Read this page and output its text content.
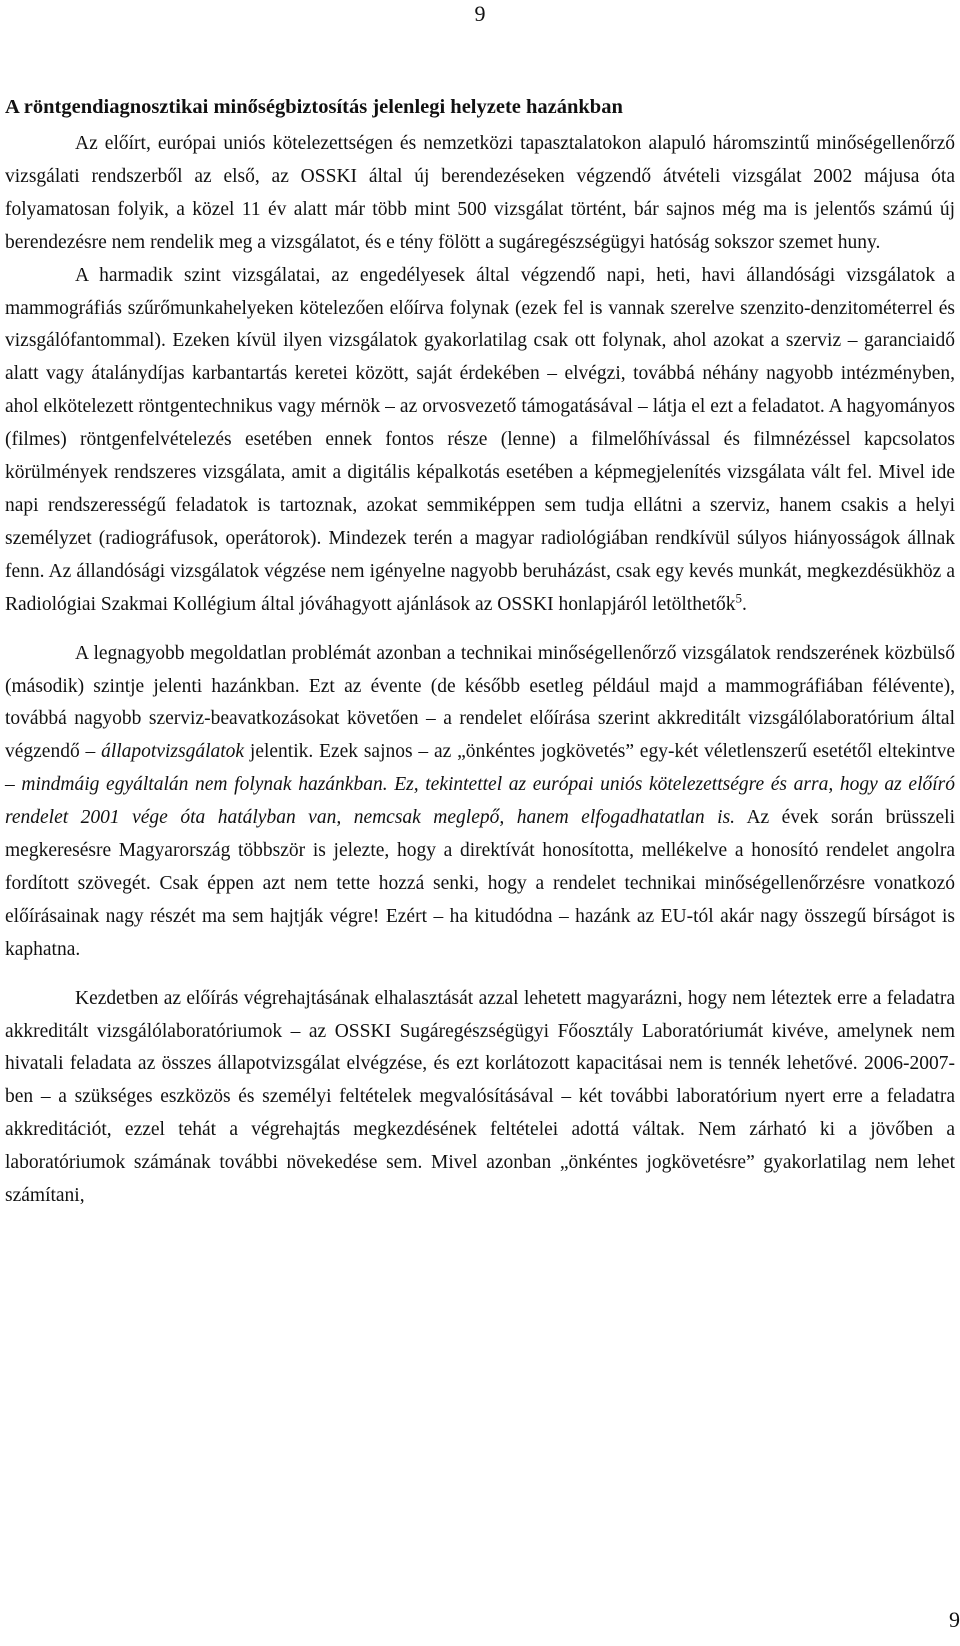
9
A röntgendiagnosztikai minőségbiztosítás jelenlegi helyzete hazánkban

Az előírt, európai uniós kötelezettségen és nemzetközi tapasztalatokon alapuló háromszintű minőségellenőrző vizsgálati rendszerből az első, az OSSKI által új berendezéseken végzendő átvételi vizsgálat 2002 májusa óta folyamatosan folyik, a közel 11 év alatt már több mint 500 vizsgálat történt, bár sajnos még ma is jelentős számú új berendezésre nem rendelik meg a vizsgálatot, és e tény fölött a sugáregészségügyi hatóság sokszor szemet huny.

A harmadik szint vizsgálatai, az engedélyesek által végzendő napi, heti, havi állandósági vizsgálatok a mammográfiás szűrőmunkahelyeken kötelezően előírva folynak (ezek fel is vannak szerelve szenzito-denzitométerrel és vizsgálófantommal). Ezeken kívül ilyen vizsgálatok gyakorlatilag csak ott folynak, ahol azokat a szerviz – garanciaidő alatt vagy átalánydíjas karbantartás keretei között, saját érdekében – elvégzi, továbbá néhány nagyobb intézményben, ahol elkötelezett röntgentechnikus vagy mérnök – az orvosvezető támogatásával – látja el ezt a feladatot. A hagyományos (filmes) röntgenfelvételezés esetében ennek fontos része (lenne) a filmelőhívással és filmnézéssel kapcsolatos körülmények rendszeres vizsgálata, amit a digitális képalkotás esetében a képmegjelenítés vizsgálata vált fel. Mivel ide napi rendszerességű feladatok is tartoznak, azokat semmiképpen sem tudja ellátni a szerviz, hanem csakis a helyi személyzet (radiográfusok, operátorok). Mindezek terén a magyar radiológiában rendkívül súlyos hiányosságok állnak fenn. Az állandósági vizsgálatok végzése nem igényelne nagyobb beruházást, csak egy kevés munkát, megkezdésükhöz a Radiológiai Szakmai Kollégium által jóváhagyott ajánlások az OSSKI honlapjáról letölthetők$^5$.

A legnagyobb megoldatlan problémát azonban a technikai minőségellenőrző vizsgálatok rendszerének közbülső (második) szintje jelenti hazánkban. Ezt az évente (de később esetleg például majd a mammográfiában félévente), továbbá nagyobb szerviz-beavatkozásokat követően – a rendelet előírása szerint akkreditált vizsgálólaboratórium által végzendő – állapotvizsgálatok jelentik. Ezek sajnos – az „önkéntes jogkövetés” egy-két véletlenszerű esetétől eltekintve – mindmáig egyáltalán nem folynak hazánkban. Ez, tekintettel az európai uniós kötelezettségre és arra, hogy az előíró rendelet 2001 vége óta hatályban van, nemcsak meglepő, hanem elfogadhatatlan is. Az évek során brüsszeli megkeresésre Magyarország többször is jelezte, hogy a direktívát honosította, mellékelve a honosító rendelet angolra fordított szövegét. Csak éppen azt nem tette hozzá senki, hogy a rendelet technikai minőségellenőrzésre vonatkozó előírásainak nagy részét ma sem hajtják végre! Ezért – ha kitudódna – hazánk az EU-tól akár nagy összegű bírságot is kaphatna.

Kezdetben az előírás végrehajtásának elhalasztását azzal lehetett magyarázni, hogy nem léteztek erre a feladatra akkreditált vizsgálólaboratóriumok – az OSSKI Sugáregészségügyi Főosztály Laboratóriumát kivéve, amelynek nem hivatali feladata az összes állapotvizsgálat elvégzése, és ezt korlátozott kapacitásai nem is tennék lehetővé. 2006-2007-ben – a szükséges eszközös és személyi feltételek megvalósításával – két további laboratórium nyert erre a feladatra akkreditációt, ezzel tehát a végrehajtás megkezdésének feltételei adottá váltak. Nem zárható ki a jövőben a laboratóriumok számának további növekedése sem. Mivel azonban „önkéntes jogkövetésre” gyakorlatilag nem lehet számítani,

9
